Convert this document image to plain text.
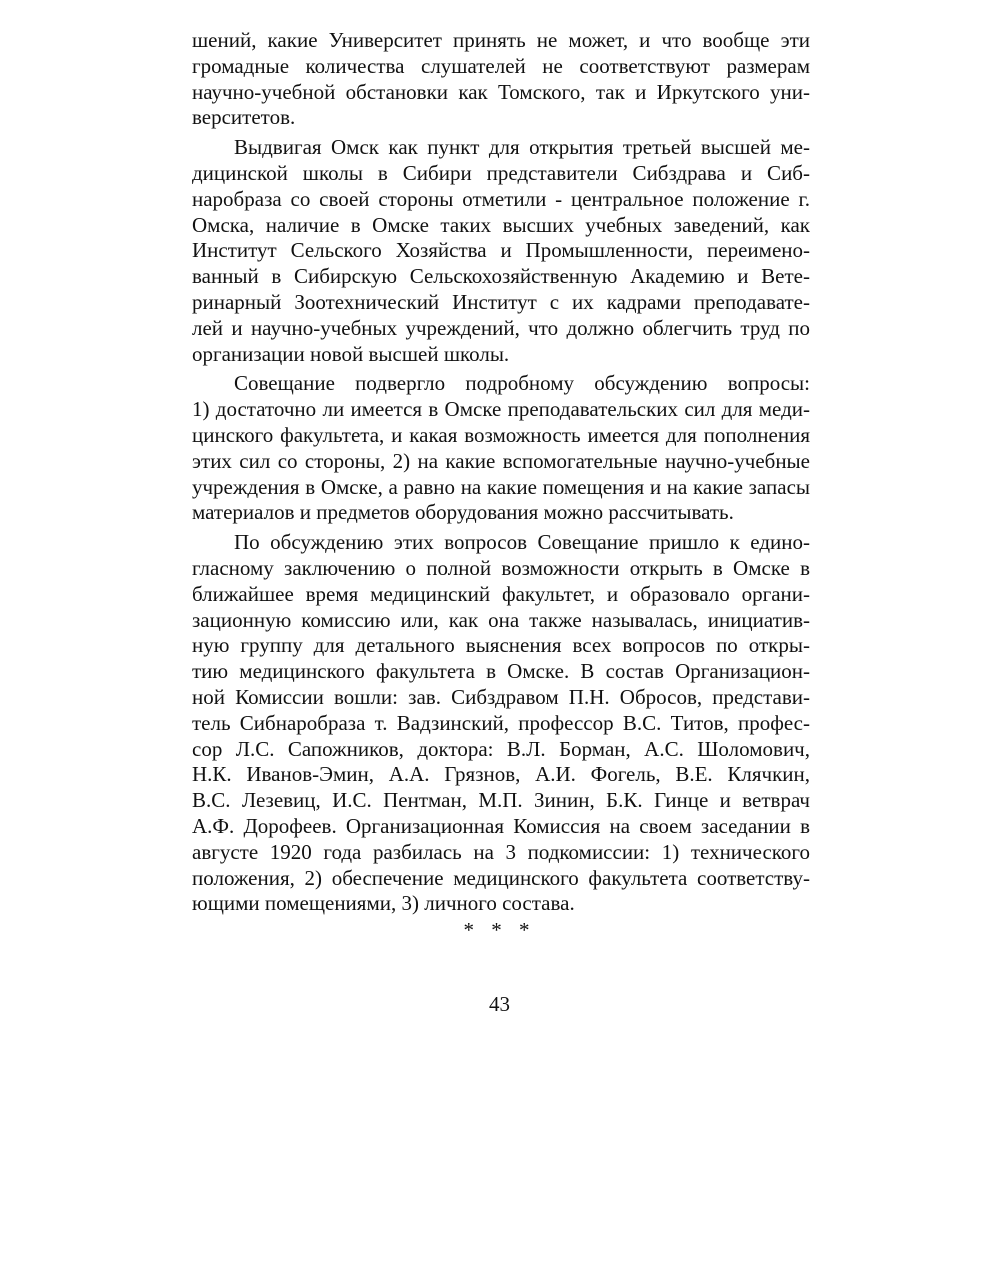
шений, какие Университет принять не может, и что вообще эти
громадные количества слушателей не соответствуют размерам
научно-учебной обстановки как Томского, так и Иркутского уни-
верситетов.
Выдвигая Омск как пункт для открытия третьей высшей ме-
дицинской школы в Сибири представители Сибздрава и Сиб-
наробраза со своей стороны отметили - центральное положение г.
Омска, наличие в Омске таких высших учебных заведений, как
Институт Сельского Хозяйства и Промышленности, переимено-
ванный в Сибирскую Сельскохозяйственную Академию и Вете-
ринарный Зоотехнический Институт с их кадрами преподавате-
лей и научно-учебных учреждений, что должно облегчить труд по
организации новой высшей школы.
Совещание подвергло подробному обсуждению вопросы:
1) достаточно ли имеется в Омске преподавательских сил для меди-
цинского факультета, и какая возможность имеется для пополнения
этих сил со стороны, 2) на какие вспомогательные научно-учебные
учреждения в Омске, а равно на какие помещения и на какие запасы
материалов и предметов оборудования можно рассчитывать.
По обсуждению этих вопросов Совещание пришло к едино-
гласному заключению о полной возможности открыть в Омске в
ближайшее время медицинский факультет, и образовало органи-
зационную комиссию или, как она также называлась, инициатив-
ную группу для детального выяснения всех вопросов по откры-
тию медицинского факультета в Омске. В состав Организацион-
ной Комиссии вошли: зав. Сибздравом П.Н. Обросов, представи-
тель Сибнаробраза т. Вадзинский, профессор В.С. Титов, профес-
сор Л.С. Сапожников, доктора: В.Л. Борман, А.С. Шоломович,
Н.К. Иванов-Эмин, А.А. Грязнов, А.И. Фогель, В.Е. Клячкин,
В.С. Лезевиц, И.С. Пентман, М.П. Зинин, Б.К. Гинце и ветврач
А.Ф. Дорофеев. Организационная Комиссия на своем заседании в
августе 1920 года разбилась на 3 подкомиссии: 1) технического
положения, 2) обеспечение медицинского факультета соответству-
ющими помещениями, 3) личного состава.
* * *
43
